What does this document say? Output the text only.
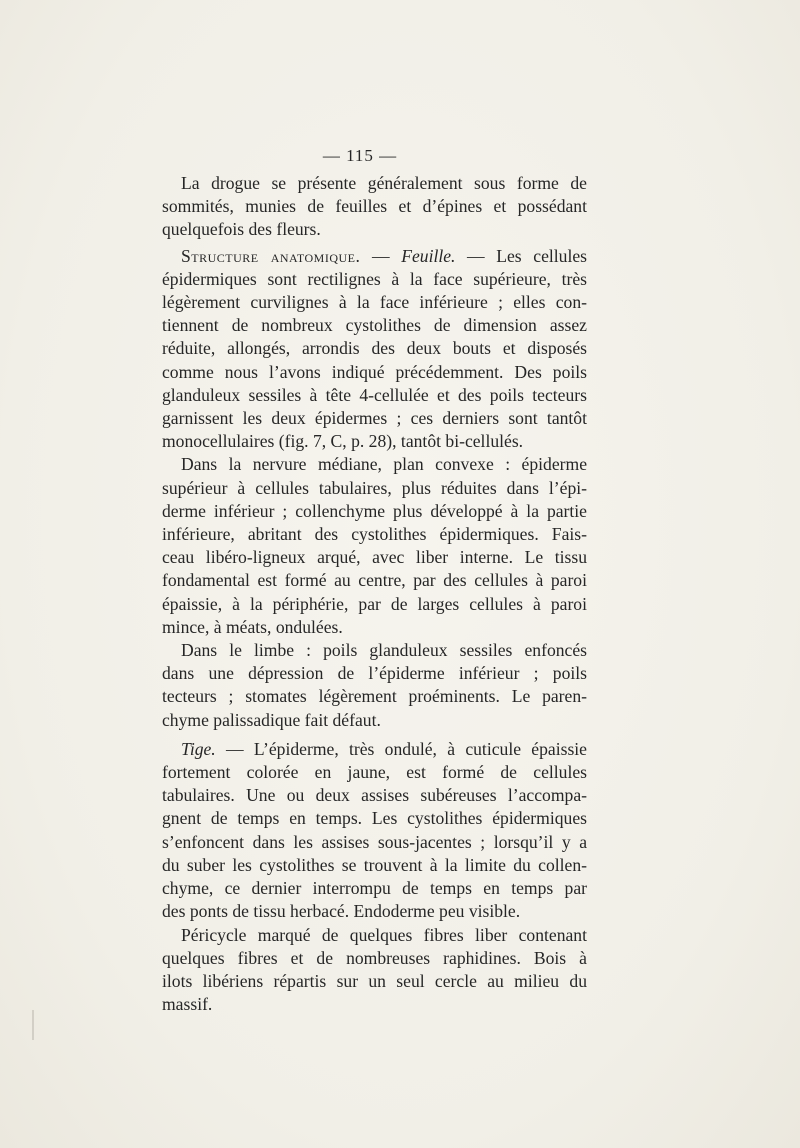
— 115 —
La drogue se présente généralement sous forme de
sommités, munies de feuilles et d’épines et possédant
quelquefois des fleurs.
Structure anatomique. — Feuille. — Les cellules
épidermiques sont rectilignes à la face supérieure, très
légèrement curvilignes à la face inférieure ; elles con-
tiennent de nombreux cystolithes de dimension assez
réduite, allongés, arrondis des deux bouts et disposés
comme nous l’avons indiqué précédemment. Des poils
glanduleux sessiles à tête 4-cellulée et des poils tecteurs
garnissent les deux épidermes ; ces derniers sont tantôt
monocellulaires (fig. 7, C, p. 28), tantôt bi-cellulés.
Dans la nervure médiane, plan convexe : épiderme
supérieur à cellules tabulaires, plus réduites dans l’épi-
derme inférieur ; collenchyme plus développé à la partie
inférieure, abritant des cystolithes épidermiques. Fais-
ceau libéro-ligneux arqué, avec liber interne. Le tissu
fondamental est formé au centre, par des cellules à paroi
épaissie, à la périphérie, par de larges cellules à paroi
mince, à méats, ondulées.
Dans le limbe : poils glanduleux sessiles enfoncés
dans une dépression de l’épiderme inférieur ; poils
tecteurs ; stomates légèrement proéminents. Le paren-
chyme palissadique fait défaut.
Tige. — L’épiderme, très ondulé, à cuticule épaissie
fortement colorée en jaune, est formé de cellules
tabulaires. Une ou deux assises subéreuses l’accompa-
gnent de temps en temps. Les cystolithes épidermiques
s’enfoncent dans les assises sous-jacentes ; lorsqu’il y a
du suber les cystolithes se trouvent à la limite du collen-
chyme, ce dernier interrompu de temps en temps par
des ponts de tissu herbacé. Endoderme peu visible.
Péricycle marqué de quelques fibres liber contenant
quelques fibres et de nombreuses raphidines. Bois à
ilots libériens répartis sur un seul cercle au milieu du
massif.
